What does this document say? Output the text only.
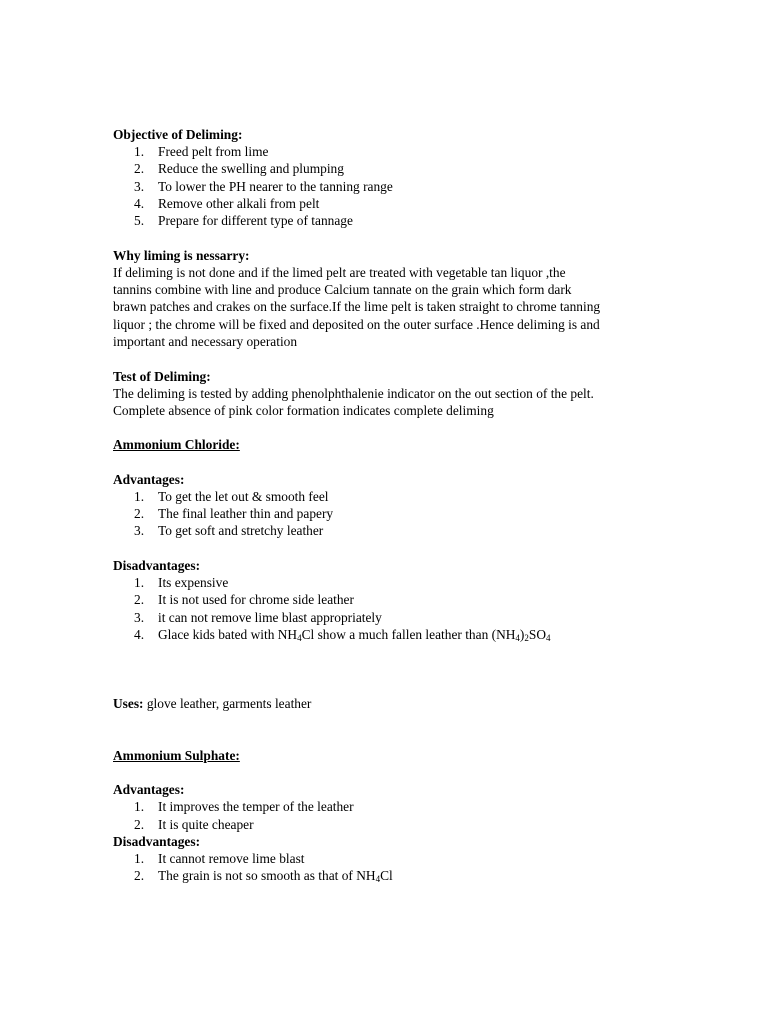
Objective of Deliming:
1. Freed pelt from lime
2. Reduce the swelling and plumping
3. To lower the PH nearer to the tanning range
4. Remove other alkali from pelt
5. Prepare for different type of tannage
Why liming is nessarry:
If deliming is not done and if the limed pelt are treated with vegetable tan liquor ,the
tannins combine with line and produce Calcium tannate on the grain which form dark
brawn patches and crakes on the surface.If the lime pelt is taken straight to chrome tanning
liquor ; the chrome will be fixed and deposited on the outer surface .Hence deliming is and
important and necessary operation
Test of Deliming:
The deliming is tested by adding phenolphthalenie indicator on the out section of the pelt.
Complete absence of pink color formation indicates complete deliming
Ammonium Chloride:
Advantages:
1. To get the let out & smooth feel
2. The final leather thin and papery
3. To get soft and stretchy leather
Disadvantages:
1. Its expensive
2. It is not used for chrome side leather
3. it can not remove lime blast appropriately
4. Glace kids bated with $NH_4Cl$ show a much fallen leather than $(NH_4)_2SO_4$
Uses: glove leather, garments leather
Ammonium Sulphate:
Advantages:
1. It improves the temper of the leather
2. It is quite cheaper
Disadvantages:
1. It cannot remove lime blast
2. The grain is not so smooth as that of $NH_4Cl$
